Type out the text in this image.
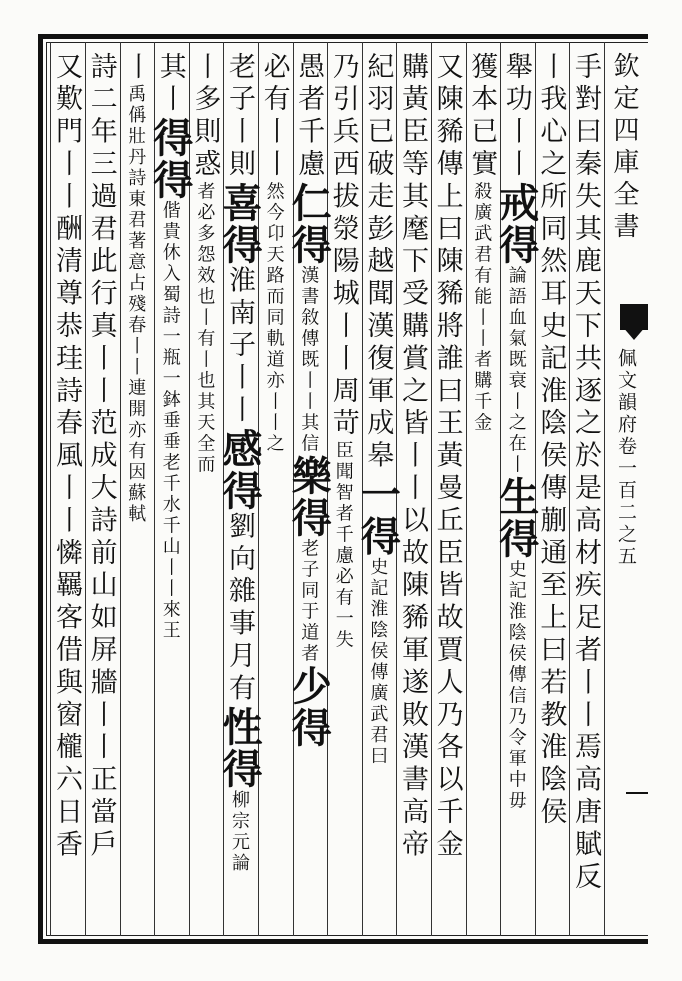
欽定四庫全書
佩文韻府卷一百二之五
手對曰秦失其鹿天下共逐之於是高材疾足者丨丨焉高唐賦反
丨我心之所同然耳史記淮陰侯傳蒯通至上曰若教淮陰侯
舉功丨丨戒得論語血氣既衰丨之在丨生得史記淮陰侯傳信乃令軍中毋
獲本已實殺廣武君有能丨丨者購千金
又陳豨傳上曰陳豨將誰曰王黃曼丘臣皆故賈人乃各以千金
購黃臣等其麾下受購賞之皆丨丨以故陳豨軍遂敗漢書高帝
紀羽已破走彭越聞漢復軍成皋一得史記淮陰侯傳廣武君曰
乃引兵西拔滎陽城丨丨周苛臣聞智者千慮必有一失
愚者千慮仁得漢書敘傳既丨丨其信樂得老子同于道者少得
必有丨丨然今卬天路而同軌道亦丨丨之
老子丨則喜得淮南子丨丨感得劉向雜事月有性得柳宗元論
丨多則惑者必多怨效也丨有丨也其天全而
其丨得得偕貴休入蜀詩一瓶一鉢垂垂老千水千山丨丨來王
丨禹偁壯丹詩東君著意占殘春丨丨連開亦有因蘇軾
詩二年三過君此行真丨丨范成大詩前山如屏牆丨丨正當戶
又歎門丨丨酬清尊恭珪詩春風丨丨憐羈客借與窗櫳六日香
